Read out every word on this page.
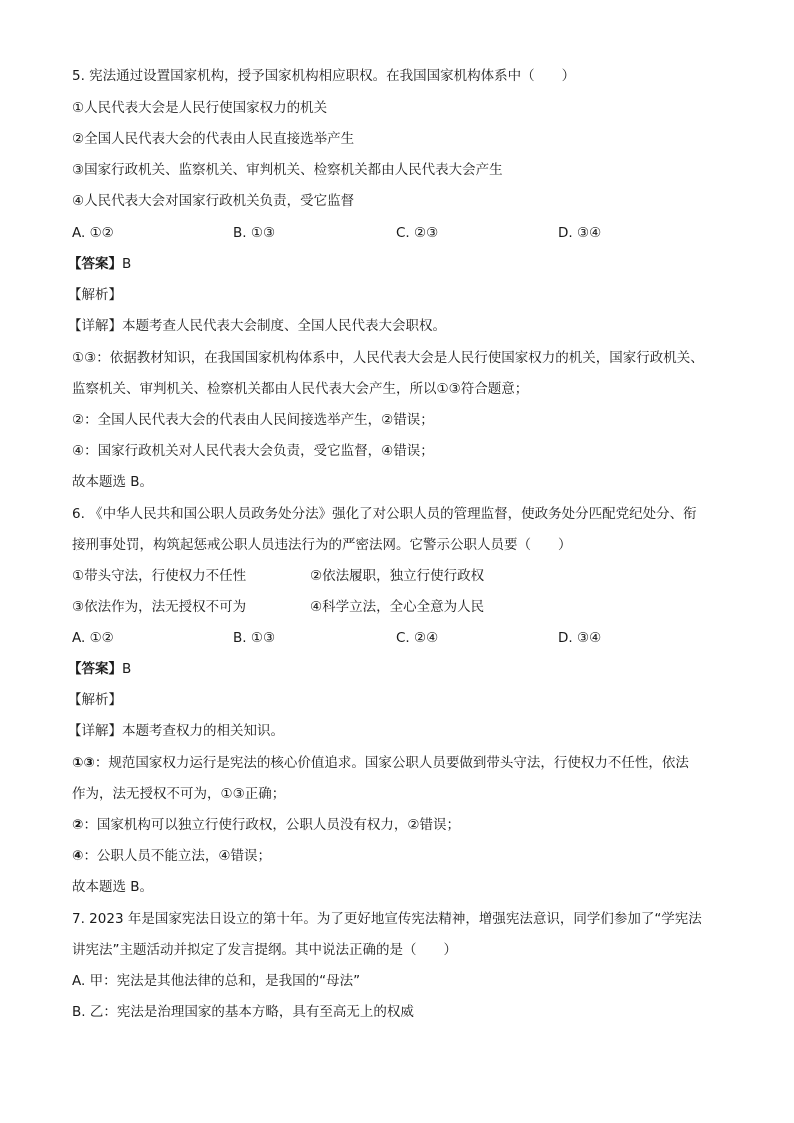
5. 宪法通过设置国家机构，授予国家机构相应职权。在我国国家机构体系中（　　）
①人民代表大会是人民行使国家权力的机关
②全国人民代表大会的代表由人民直接选举产生
③国家行政机关、监察机关、审判机关、检察机关都由人民代表大会产生
④人民代表大会对国家行政机关负责，受它监督
A. ①②	B. ①③	C. ②③	D. ③④
【答案】B
【解析】
【详解】本题考查人民代表大会制度、全国人民代表大会职权。
①③：依据教材知识，在我国国家机构体系中，人民代表大会是人民行使国家权力的机关，国家行政机关、
监察机关、审判机关、检察机关都由人民代表大会产生，所以①③符合题意；
②：全国人民代表大会的代表由人民间接选举产生，②错误；
④：国家行政机关对人民代表大会负责，受它监督，④错误；
故本题选 B。
6. 《中华人民共和国公职人员政务处分法》强化了对公职人员的管理监督，使政务处分匹配党纪处分、衔
接刑事处罚，构筑起惩戒公职人员违法行为的严密法网。它警示公职人员要（　　）
①带头守法，行使权力不任性	②依法履职，独立行使行政权
③依法作为，法无授权不可为	④科学立法，全心全意为人民
A. ①②	B. ①③	C. ②④	D. ③④
【答案】B
【解析】
【详解】本题考查权力的相关知识。
①③：规范国家权力运行是宪法的核心价值追求。国家公职人员要做到带头守法，行使权力不任性，依法
作为，法无授权不可为，①③正确；
②：国家机构可以独立行使行政权，公职人员没有权力，②错误；
④：公职人员不能立法，④错误；
故本题选 B。
7. 2023 年是国家宪法日设立的第十年。为了更好地宣传宪法精神，增强宪法意识，同学们参加了“学宪法
讲宪法”主题活动并拟定了发言提纲。其中说法正确的是（　　）
A. 甲：宪法是其他法律的总和，是我国的“母法”
B. 乙：宪法是治理国家的基本方略，具有至高无上的权威
